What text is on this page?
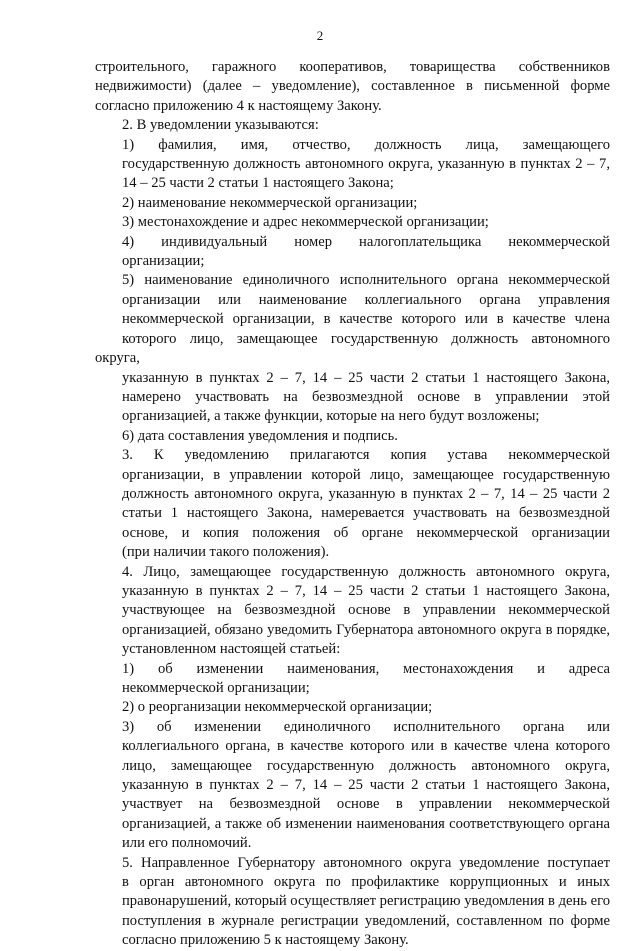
2

строительного, гаражного кооперативов, товарищества собственников
недвижимости) (далее – уведомление), составленное в письменной форме
согласно приложению 4 к настоящему Закону.

2. В уведомлении указываются:

1) фамилия, имя, отчество, должность лица, замещающего
государственную должность автономного округа, указанную в пунктах 2 – 7,
14 – 25 части 2 статьи 1 настоящего Закона;

2) наименование некоммерческой организации;

3) местонахождение и адрес некоммерческой организации;

4) индивидуальный номер налогоплательщика некоммерческой
организации;

5) наименование единоличного исполнительного органа некоммерческой
организации или наименование коллегиального органа управления
некоммерческой организации, в качестве которого или в качестве члена
которого лицо, замещающее государственную должность автономного округа,
указанную в пунктах 2 – 7, 14 – 25 части 2 статьи 1 настоящего Закона,
намерено участвовать на безвозмездной основе в управлении этой
организацией, а также функции, которые на него будут возложены;

6) дата составления уведомления и подпись.

3. К уведомлению прилагаются копия устава некоммерческой
организации, в управлении которой лицо, замещающее государственную
должность автономного округа, указанную в пунктах 2 – 7, 14 – 25 части 2
статьи 1 настоящего Закона, намеревается участвовать на безвозмездной
основе, и копия положения об органе некоммерческой организации
(при наличии такого положения).

4. Лицо, замещающее государственную должность автономного округа,
указанную в пунктах 2 – 7, 14 – 25 части 2 статьи 1 настоящего Закона,
участвующее на безвозмездной основе в управлении некоммерческой
организацией, обязано уведомить Губернатора автономного округа в порядке,
установленном настоящей статьей:

1) об изменении наименования, местонахождения и адреса
некоммерческой организации;

2) о реорганизации некоммерческой организации;

3) об изменении единоличного исполнительного органа или
коллегиального органа, в качестве которого или в качестве члена которого
лицо, замещающее государственную должность автономного округа,
указанную в пунктах 2 – 7, 14 – 25 части 2 статьи 1 настоящего Закона,
участвует на безвозмездной основе в управлении некоммерческой
организацией, а также об изменении наименования соответствующего органа
или его полномочий.

5. Направленное Губернатору автономного округа уведомление поступает
в орган автономного округа по профилактике коррупционных и иных
правонарушений, который осуществляет регистрацию уведомления в день его
поступления в журнале регистрации уведомлений, составленном по форме
согласно приложению 5 к настоящему Закону.
